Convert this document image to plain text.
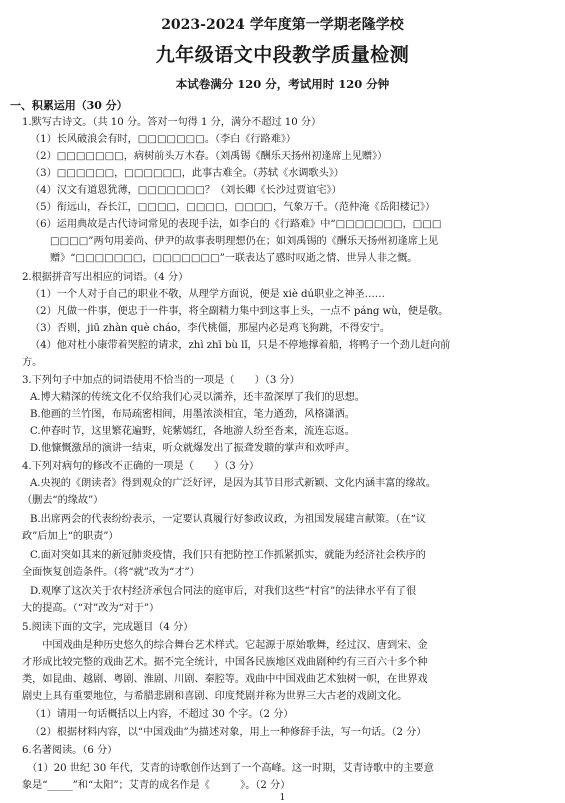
2023-2024 学年度第一学期老隆学校
九年级语文中段教学质量检测
本试卷满分 120 分，考试用时 120 分钟
一、积累运用（30 分）
1.默写古诗文。（共 10 分。答对一句得 1 分，满分不超过 10 分）
（1）长风破浪会有时，□□□□□□□。（李白《行路难》）
（2）□□□□□□□，病树前头万木春。（刘禹锡《酬乐天扬州初逢席上见赠》）
（3）□□□□□□，□□□□□□，此事古难全。（苏轼《水调歌头》）
（4）汉文有道恩犹薄，□□□□□□□？（刘长卿《长沙过贾谊宅》）
（5）衔远山，吞长江，□□□□，□□□□，□□□□，气象万千。（范仲淹《岳阳楼记》）
（6）运用典故是古代诗词常见的表现手法，如李白的《行路难》中“□□□□□□□，□□□
□□□□”两句用姜尚、伊尹的故事表明理想仍在；如刘禹锡的《酬乐天扬州初逢席上见
赠》“□□□□□□□，□□□□□□□”一联表达了感时叹逝之情、世异人非之慨。
2.根据拼音写出相应的词语。（4 分）
（1）一个人对于自己的职业不敬，从理学方面说，便是 xiè dú职业之神圣……
（2）凡做一件事，便忠于一件事，将全副精力集中到这事上头，一点不 páng wù，便是敬。
（3）否则，jiū zhàn què cháo，李代桃僵，那屋内必是鸡飞狗跳，不得安宁。
（4）他对杜小康带着哭腔的请求，zhì zhī bù lǐ，只是不停地撑着船，将鸭子一个劲儿赶向前
方。
3.下列句子中加点的词语使用不恰当的一项是（　　）（3 分）
A.博大精深的传统文化不仅给我们心灵以濡养，还丰盈深厚了我们的思想。
B.他画的兰竹图，布局疏密相间，用墨浓淡相宜，笔力遒劲，风格潇洒。
C.仲春时节，这里繁花遍野，姹紫嫣红，各地游人纷至沓来，流连忘返。
D.他慷慨激昂的演讲一结束，听众就爆发出了振聋发聩的掌声和欢呼声。
4.下列对病句的修改不正确的一项是（　　）（3 分）
A.央视的《朗读者》得到观众的广泛好评，是因为其节目形式新颖、文化内涵丰富的缘故。
（删去“的缘故”）
B.出席两会的代表纷纷表示，一定要认真履行好参政议政，为祖国发展建言献策。（在“议
政”后加上“的职责”）
C.面对突如其来的新冠肺炎疫情，我们只有把防控工作抓紧抓实，就能为经济社会秩序的
全面恢复创造条件。（将“就”改为“才”）
D.观摩了这次关于农村经济承包合同法的庭审后，对我们这些“村官”的法律水平有了很
大的提高。（“对”改为“对于”）
5.阅读下面的文字，完成题目（4 分）
　　中国戏曲是种历史悠久的综合舞台艺术样式。它起源于原始歌舞，经过汉、唐到宋、金
才形成比较完整的戏曲艺术。据不完全统计，中国各民族地区戏曲剧种约有三百六十多个种
类，如昆曲、越剧、粤剧、淮剧、川剧、秦腔等。戏曲中中国戏曲艺术独树一帜，在世界戏
剧史上具有重要地位，与希腊悲剧和喜剧、印度梵剧并称为世界三大古老的戏剧文化。
（1）请用一句话概括以上内容，不超过 30 个字。（2 分）
（2）根据材料内容，以“中国戏曲”为描述对象，用上一种修辞手法，写一句话。（2 分）
6.名著阅读。（6 分）
　（1）20 世纪 30 年代，艾青的诗歌创作达到了一个高峰。这一时期，艾青诗歌中的主要意
象是“_____”和“太阳”；艾青的成名作是《　　　》。（2 分）
1
